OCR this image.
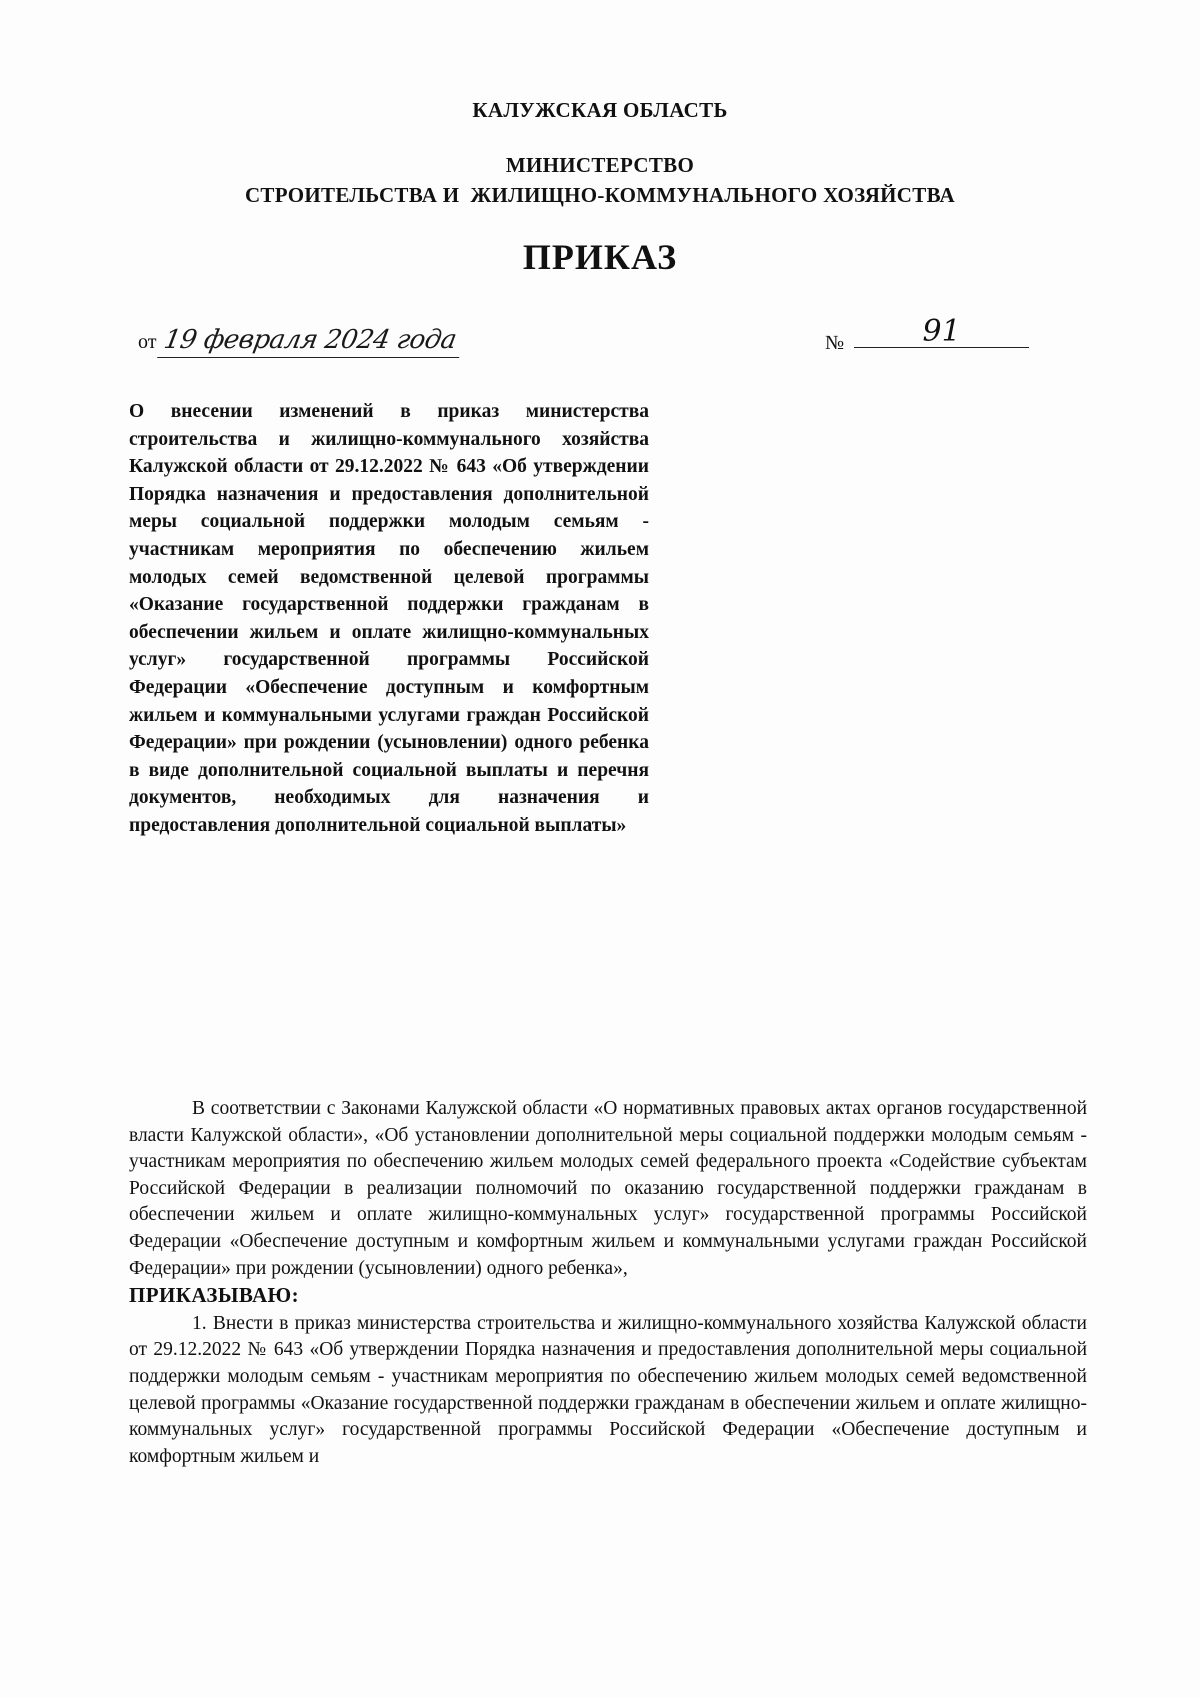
КАЛУЖСКАЯ ОБЛАСТЬ
МИНИСТЕРСТВО
СТРОИТЕЛЬСТВА И  ЖИЛИЩНО-КОММУНАЛЬНОГО ХОЗЯЙСТВА
ПРИКАЗ
от 19 февраля 2024 года	№	91
О внесении изменений в приказ министерства строительства и жилищно-коммунального хозяйства Калужской области от 29.12.2022 № 643 «Об утверждении Порядка назначения и предоставления дополнительной меры социальной поддержки молодым семьям - участникам мероприятия по обеспечению жильем молодых семей ведомственной целевой программы «Оказание государственной поддержки гражданам в обеспечении жильем и оплате жилищно-коммунальных услуг» государственной программы Российской Федерации «Обеспечение доступным и комфортным жильем и коммунальными услугами граждан Российской Федерации» при рождении (усыновлении) одного ребенка в виде дополнительной социальной выплаты и перечня документов, необходимых для назначения и предоставления дополнительной социальной выплаты»

В соответствии с Законами Калужской области «О нормативных правовых актах органов государственной власти Калужской области», «Об установлении дополнительной меры социальной поддержки молодым семьям - участникам мероприятия по обеспечению жильем молодых семей федерального проекта «Содействие субъектам Российской Федерации в реализации полномочий по оказанию государственной поддержки гражданам в обеспечении жильем и оплате жилищно-коммунальных услуг» государственной программы Российской Федерации «Обеспечение доступным и комфортным жильем и коммунальными услугами граждан Российской Федерации» при рождении (усыновлении) одного ребенка»,
ПРИКАЗЫВАЮ:

1. Внести в приказ министерства строительства и жилищно-коммунального хозяйства Калужской области от 29.12.2022 № 643 «Об утверждении Порядка назначения и предоставления дополнительной меры социальной поддержки молодым семьям - участникам мероприятия по обеспечению жильем молодых семей ведомственной целевой программы «Оказание государственной поддержки гражданам в обеспечении жильем и оплате жилищно-коммунальных услуг» государственной программы Российской Федерации «Обеспечение доступным и комфортным жильем и
